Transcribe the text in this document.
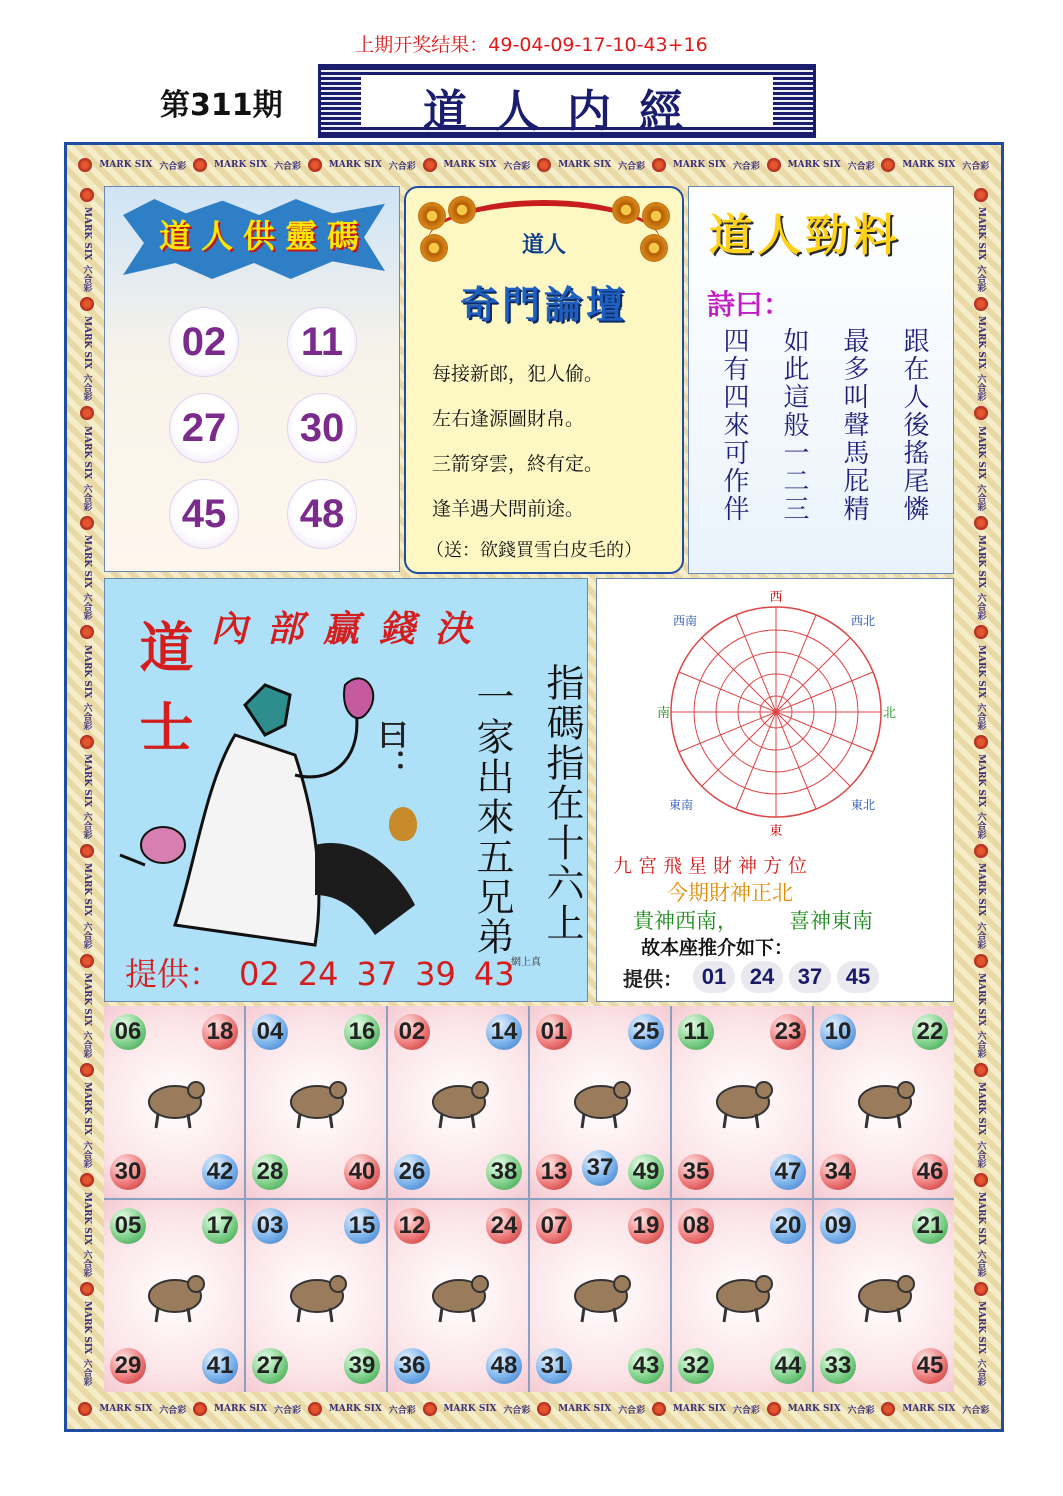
上期开奖结果：49-04-09-17-10-43+16
第311期	道人内經
MARK SIX 六合彩	MARK SIX 六合彩	MARK SIX 六合彩	MARK SIX 六合彩	MARK SIX 六合彩	MARK SIX 六合彩	MARK SIX 六合彩	MARK SIX 六合彩
MARK SIX 六合彩	MARK SIX 六合彩	MARK SIX 六合彩	MARK SIX 六合彩	MARK SIX 六合彩	MARK SIX 六合彩	MARK SIX 六合彩	MARK SIX 六合彩
MARK SIX
六合彩
MARK SIX
六合彩
MARK SIX
六合彩
MARK SIX
六合彩
MARK SIX
六合彩
MARK SIX
六合彩
MARK SIX
六合彩
MARK SIX
六合彩
MARK SIX
六合彩
MARK SIX
六合彩
MARK SIX
六合彩
MARK SIX
六合彩
MARK SIX
六合彩
MARK SIX
六合彩
MARK SIX
六合彩
MARK SIX
六合彩
MARK SIX
六合彩
MARK SIX
六合彩
MARK SIX
六合彩
MARK SIX
六合彩
MARK SIX
六合彩
MARK SIX
六合彩
道人供靈碼
02	11
27	30
45	48
道人
奇門論壇
每接新郎，犯人偷。
左右逢源圖財帛。
三箭穿雲，終有定。
逢羊遇犬問前途。
（送：欲錢買雪白皮毛的）
道人勁料
詩曰：
跟在人後搖尾憐
最多叫聲馬屁精
如此這般一二三
四有四來可作伴
內部贏錢決
道士	曰： 一家出來五兄弟 指碼指在十六上
提供： 02 24 37 39 43
網上真
西
東
南	北
西南	西北
東南	東北
九宮飛星財神方位
今期財神正北
貴神西南， 喜神東南
故本座推介如下：
提供： 01	24	37	45
06	18
30	42
04	16
28	40
02	14
26	38
01	25
13 37 49
11	23
35	47
10	22
34	46
05	17
29	41
03	15
27	39
12	24
36	48
07	19
31	43
08	20
32	44
09	21
33	45
